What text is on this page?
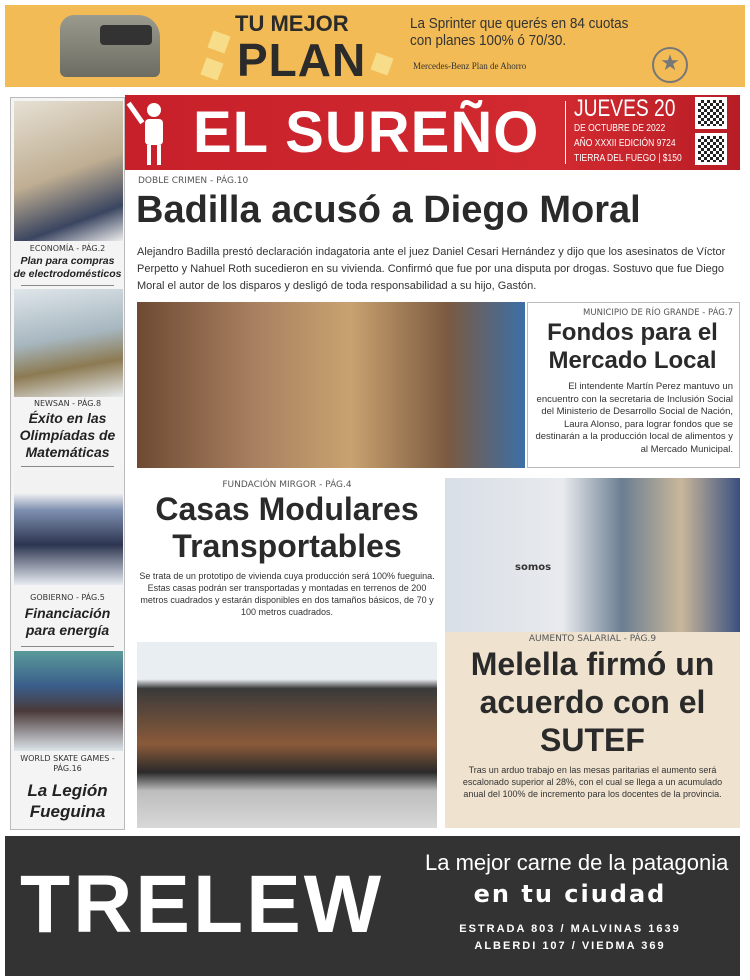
TU MEJOR
PLAN
La Sprinter que querés en 84 cuotas
con planes 100% ó 70/30.
Mercedes-Benz Plan de Ahorro	★
EL SUREÑO JUEVES 20
DE OCTUBRE DE 2022
AÑO XXXII EDICIÓN 9724
TIERRA DEL FUEGO | $150
ECONOMÍA - PÁG.2
Plan para compras de electrodomésticos
NEWSAN - PÁG.8
Éxito en las Olimpíadas de Matemáticas
GOBIERNO - PÁG.5
Financiación para energía
WORLD SKATE GAMES - PÁG.16
La Legión Fueguina
DOBLE CRIMEN - PÁG.10
Badilla acusó a Diego Moral
Alejandro Badilla prestó declaración indagatoria ante el juez Daniel Cesari Hernández y dijo que los asesinatos de Víctor Perpetto y Nahuel Roth sucedieron en su vivienda. Confirmó que fue por una disputa por drogas. Sostuvo que fue Diego Moral el autor de los disparos y desligó de toda responsabilidad a su hijo, Gastón.
MUNICIPIO DE RÍO GRANDE - PÁG.7
Fondos para el Mercado Local
El intendente Martín Perez mantuvo un encuentro con la secretaria de Inclusión Social del Ministerio de Desarrollo Social de Nación, Laura Alonso, para lograr fondos que se destinarán a la producción local de alimentos y al Mercado Municipal.
FUNDACIÓN MIRGOR - PÁG.4
Casas Modulares Transportables
Se trata de un prototipo de vivienda cuya producción será 100% fueguina. Estas casas podrán ser transportadas y montadas en terrenos de 200 metros cuadrados y estarán disponibles en dos tamaños básicos, de 70 y 100 metros cuadrados.
somos
AUMENTO SALARIAL - PÁG.9
Melella firmó un acuerdo con el SUTEF
Tras un arduo trabajo en las mesas paritarias el aumento será escalonado superior al 28%, con el cual se llega a un acumulado anual del 100% de incremento para los docentes de la provincia.
TRELEW La mejor carne de la patagonia
en tu ciudad
ESTRADA 803 / MALVINAS 1639
ALBERDI 107 / VIEDMA 369
